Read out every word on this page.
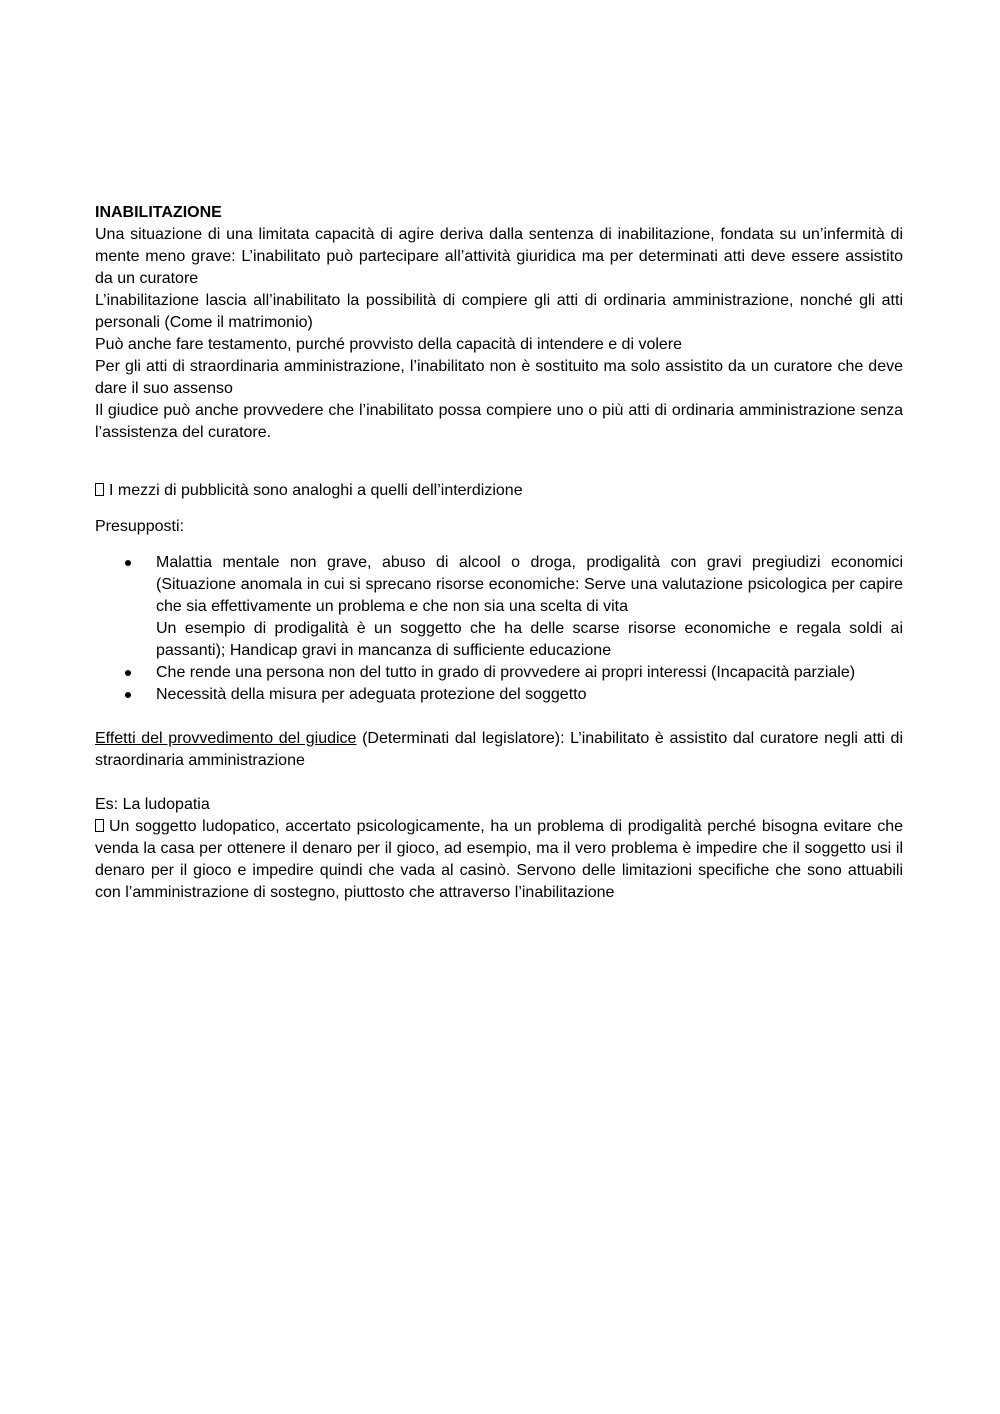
INABILITAZIONE

Una situazione di una limitata capacità di agire deriva dalla sentenza di inabilitazione, fondata su un’infermità di mente meno grave: L’inabilitato può partecipare all’attività giuridica ma per determinati atti deve essere assistito da un curatore

L’inabilitazione lascia all’inabilitato la possibilità di compiere gli atti di ordinaria amministrazione, nonché gli atti personali (Come il matrimonio)

Può anche fare testamento, purché provvisto della capacità di intendere e di volere

Per gli atti di straordinaria amministrazione, l’inabilitato non è sostituito ma solo assistito da un curatore che deve dare il suo assenso

Il giudice può anche provvedere che l’inabilitato possa compiere uno o più atti di ordinaria amministrazione senza l’assistenza del curatore.

I mezzi di pubblicità sono analoghi a quelli dell’interdizione

Presupposti:

Malattia mentale non grave, abuso di alcool o droga, prodigalità con gravi pregiudizi economici (Situazione anomala in cui si sprecano risorse economiche: Serve una valutazione psicologica per capire che sia effettivamente un problema e che non sia una scelta di vita
Un esempio di prodigalità è un soggetto che ha delle scarse risorse economiche e regala soldi ai passanti); Handicap gravi in mancanza di sufficiente educazione
Che rende una persona non del tutto in grado di provvedere ai propri interessi (Incapacità parziale)
Necessità della misura per adeguata protezione del soggetto

Effetti del provvedimento del giudice (Determinati dal legislatore): L’inabilitato è assistito dal curatore negli atti di straordinaria amministrazione

Es: La ludopatia

Un soggetto ludopatico, accertato psicologicamente, ha un problema di prodigalità perché bisogna evitare che venda la casa per ottenere il denaro per il gioco, ad esempio, ma il vero problema è impedire che il soggetto usi il denaro per il gioco e impedire quindi che vada al casinò. Servono delle limitazioni specifiche che sono attuabili con l’amministrazione di sostegno, piuttosto che attraverso l’inabilitazione
